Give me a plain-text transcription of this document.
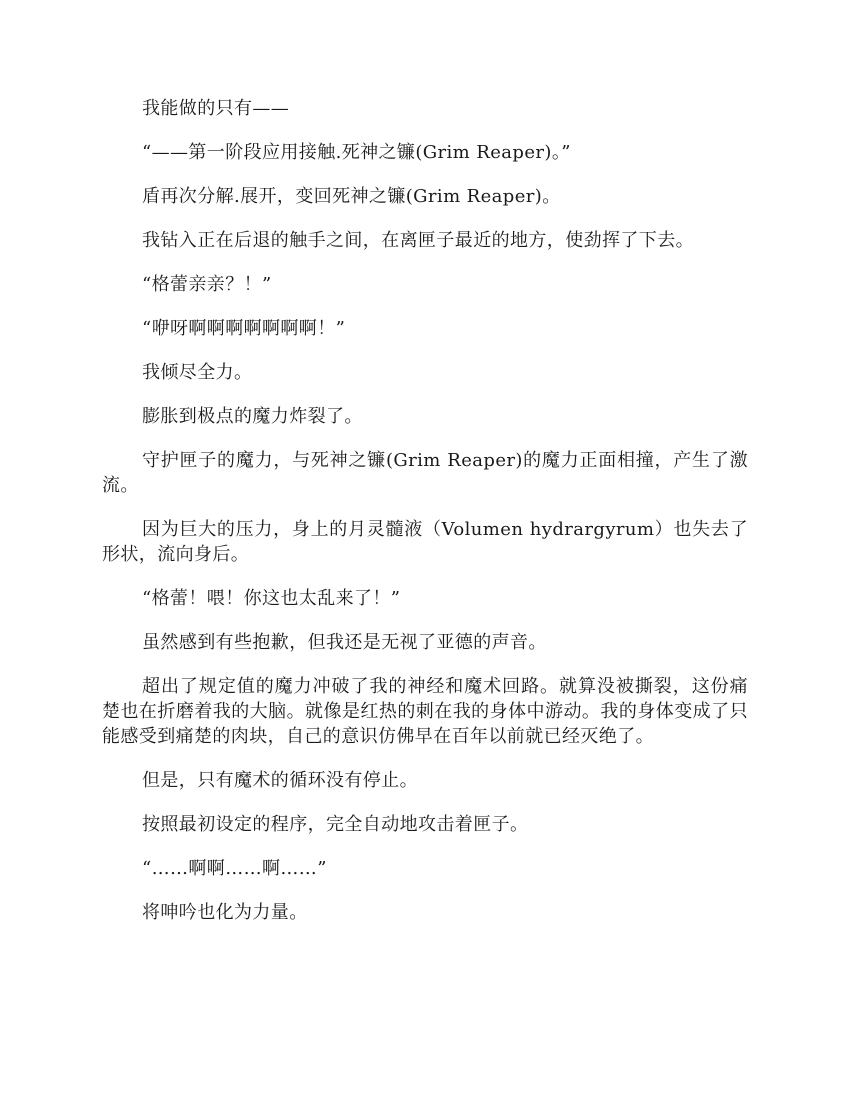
我能做的只有——

“——第一阶段应用接触.死神之镰(Grim Reaper)。”

盾再次分解.展开，变回死神之镰(Grim Reaper)。

我钻入正在后退的触手之间，在离匣子最近的地方，使劲挥了下去。

“格蕾亲亲？！”

“咿呀啊啊啊啊啊啊啊！”

我倾尽全力。

膨胀到极点的魔力炸裂了。

守护匣子的魔力，与死神之镰(Grim Reaper)的魔力正面相撞，产生了激流。

因为巨大的压力，身上的月灵髓液（Volumen hydrargyrum）也失去了形状，流向身后。

“格蕾！喂！你这也太乱来了！”

虽然感到有些抱歉，但我还是无视了亚德的声音。

超出了规定值的魔力冲破了我的神经和魔术回路。就算没被撕裂，这份痛楚也在折磨着我的大脑。就像是红热的刺在我的身体中游动。我的身体变成了只能感受到痛楚的肉块，自己的意识仿佛早在百年以前就已经灭绝了。

但是，只有魔术的循环没有停止。

按照最初设定的程序，完全自动地攻击着匣子。

“……啊啊……啊……”

将呻吟也化为力量。
